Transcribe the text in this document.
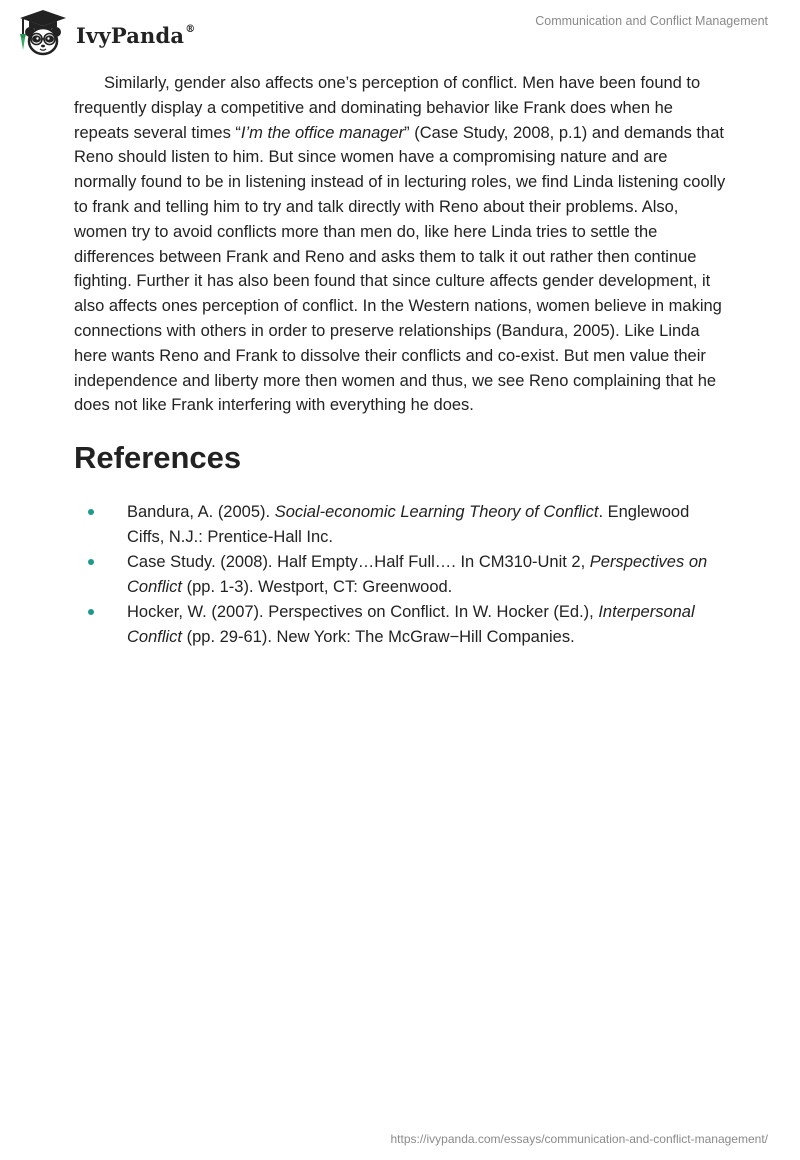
IvyPanda®
Communication and Conflict Management

Similarly, gender also affects one’s perception of conflict. Men have been found to frequently display a competitive and dominating behavior like Frank does when he repeats several times “I’m the office manager” (Case Study, 2008, p.1) and demands that Reno should listen to him. But since women have a compromising nature and are normally found to be in listening instead of in lecturing roles, we find Linda listening coolly to frank and telling him to try and talk directly with Reno about their problems. Also, women try to avoid conflicts more than men do, like here Linda tries to settle the differences between Frank and Reno and asks them to talk it out rather then continue fighting. Further it has also been found that since culture affects gender development, it also affects ones perception of conflict. In the Western nations, women believe in making connections with others in order to preserve relationships (Bandura, 2005). Like Linda here wants Reno and Frank to dissolve their conflicts and co-exist. But men value their independence and liberty more then women and thus, we see Reno complaining that he does not like Frank interfering with everything he does.

References
Bandura, A. (2005). Social-economic Learning Theory of Conflict. Englewood Ciffs, N.J.: Prentice-Hall Inc.
Case Study. (2008). Half Empty…Half Full…. In CM310-Unit 2, Perspectives on Conflict (pp. 1-3). Westport, CT: Greenwood.
Hocker, W. (2007). Perspectives on Conflict. In W. Hocker (Ed.), Interpersonal Conflict (pp. 29-61). New York: The McGraw−Hill Companies.
https://ivypanda.com/essays/communication-and-conflict-management/
